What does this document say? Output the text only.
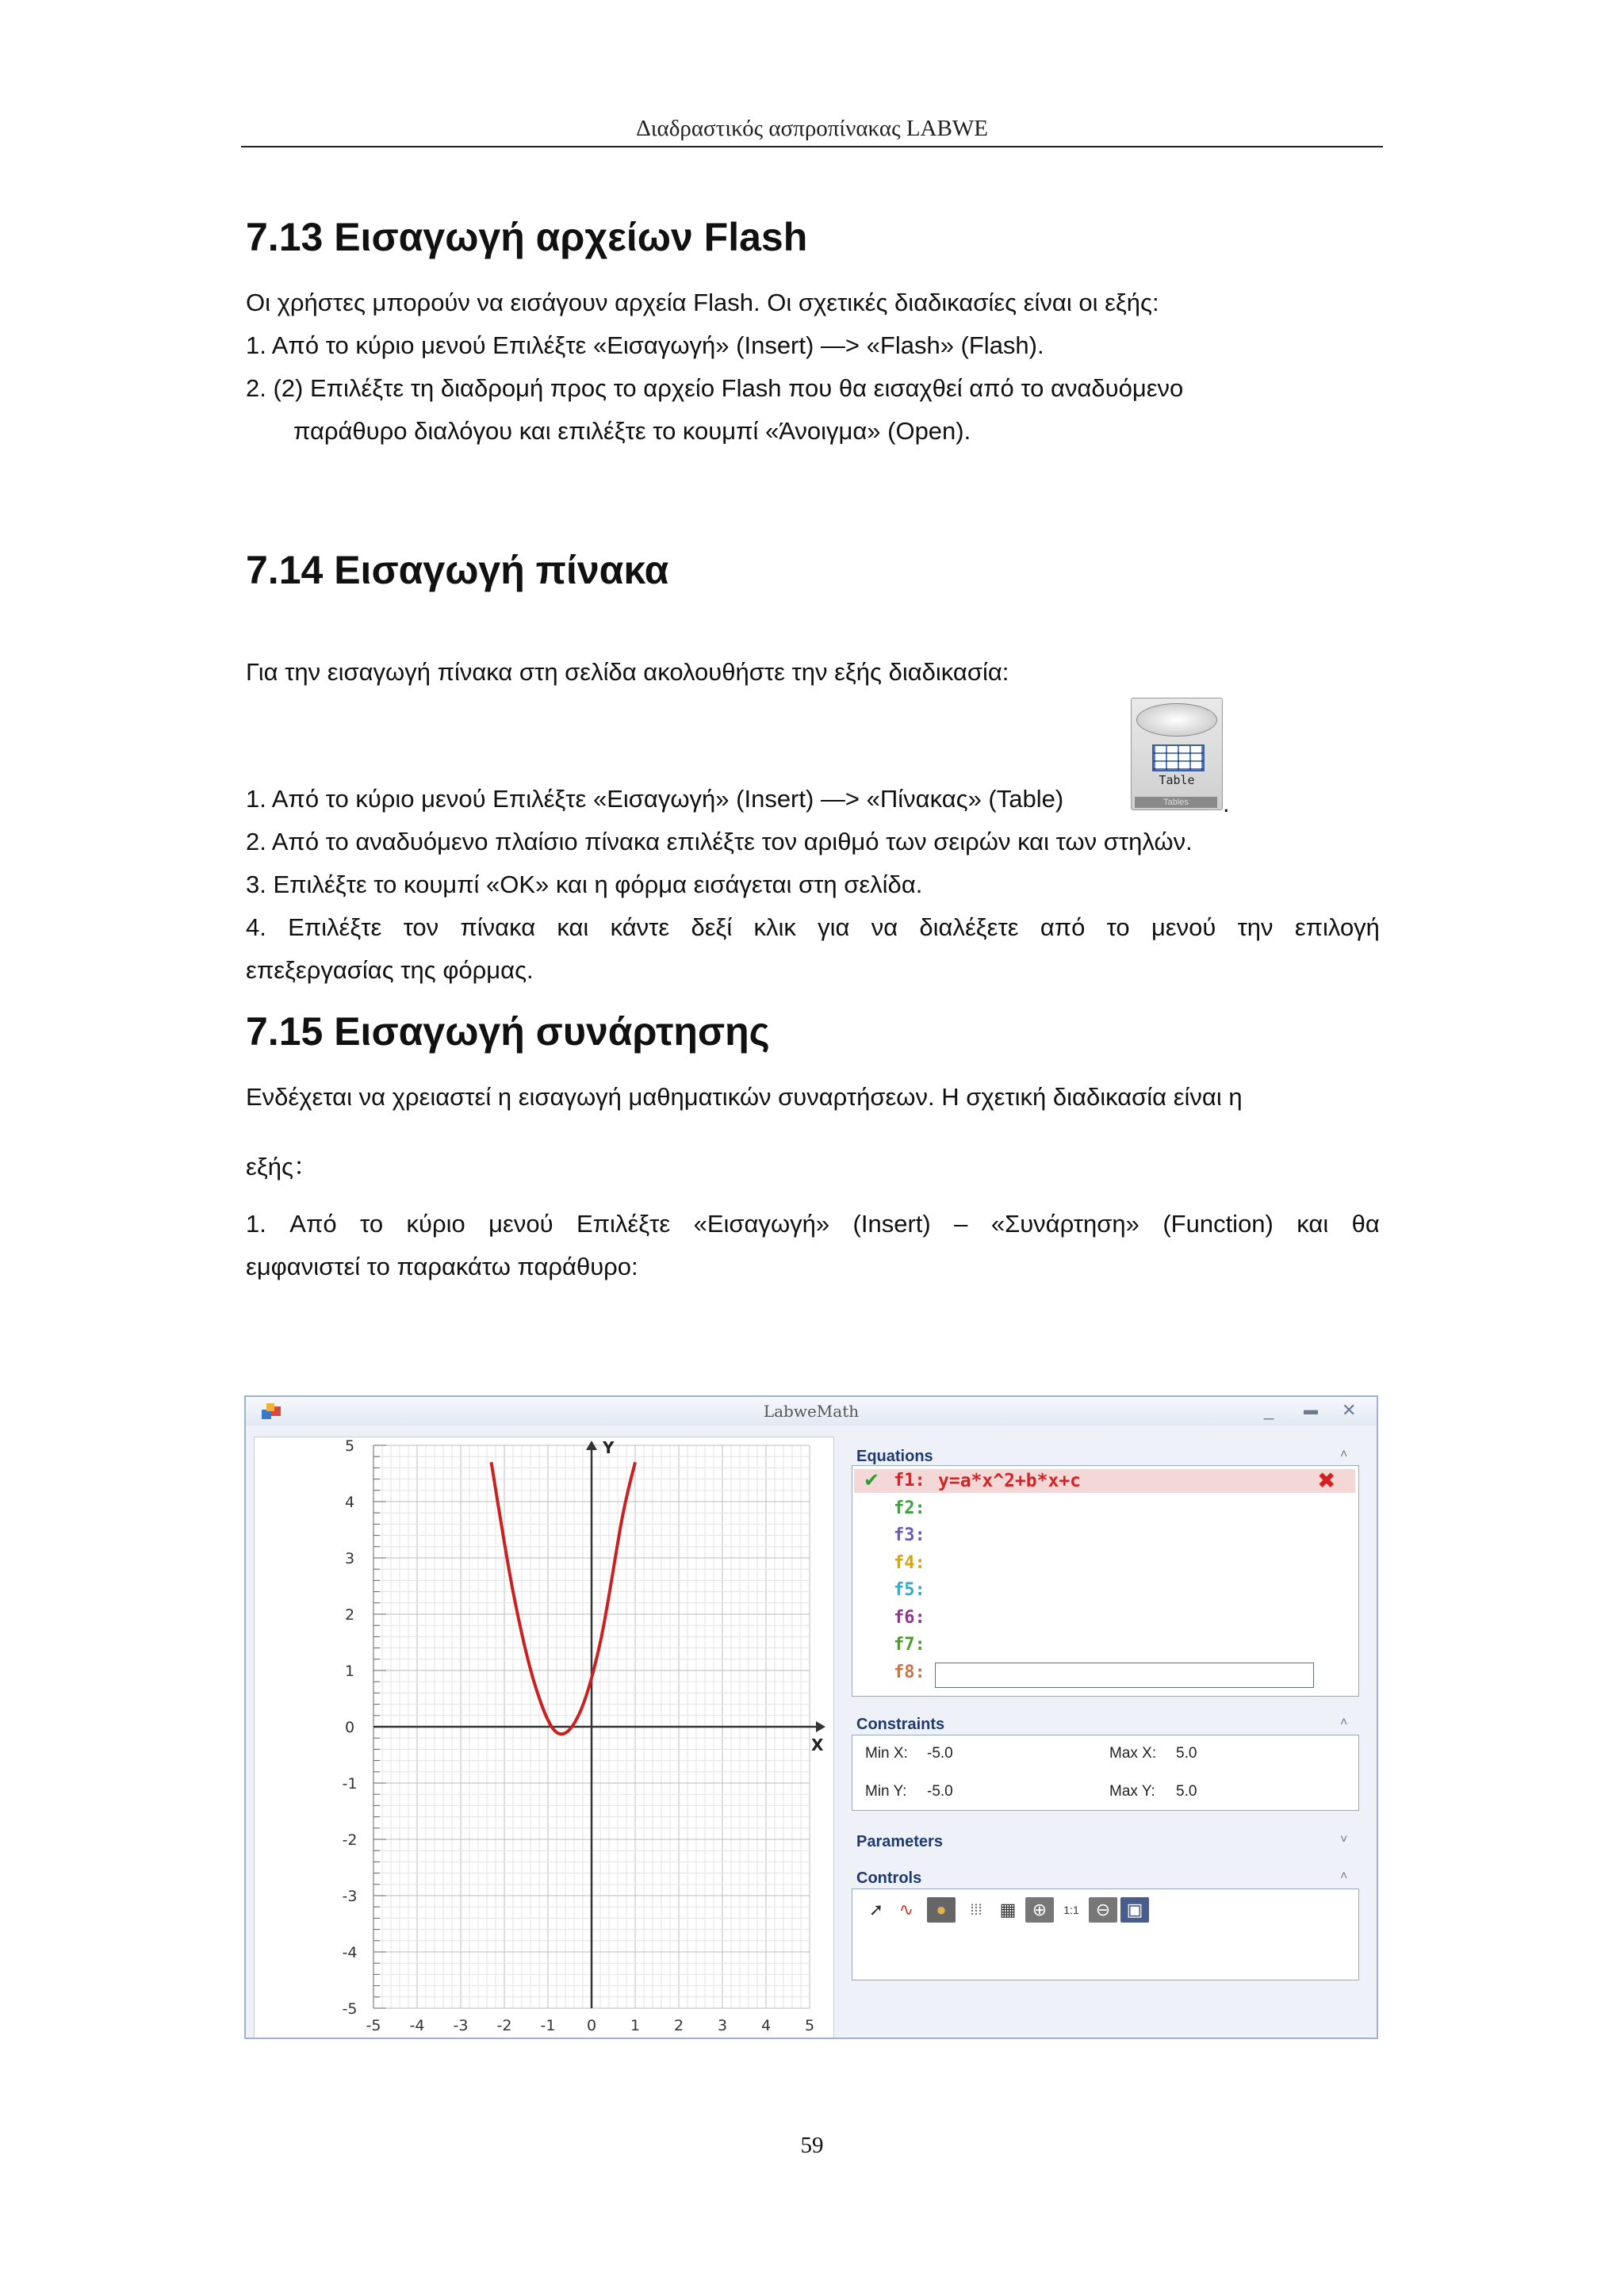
Διαδραστικός ασπροπίνακας LABWE
7.13 Εισαγωγή αρχείων Flash
Οι χρήστες μπορούν να εισάγουν αρχεία Flash. Οι σχετικές διαδικασίες είναι οι εξής:
1. Από το κύριο μενού Επιλέξτε «Εισαγωγή» (Insert) —> «Flash» (Flash).
2. (2) Επιλέξτε τη διαδρομή προς το αρχείο Flash που θα εισαχθεί από το αναδυόμενο
παράθυρο διαλόγου και επιλέξτε το κουμπί «Άνοιγμα» (Open).
7.14 Εισαγωγή πίνακα
Για την εισαγωγή πίνακα στη σελίδα ακολουθήστε την εξής διαδικασία:
Table
Tables
1. Από το κύριο μενού Επιλέξτε «Εισαγωγή» (Insert) —> «Πίνακας» (Table)	.
2. Από το αναδυόμενο πλαίσιο πίνακα επιλέξτε τον αριθμό των σειρών και των στηλών.
3. Επιλέξτε το κουμπί «ΟΚ» και η φόρμα εισάγεται στη σελίδα.
4. Επιλέξτε τον πίνακα και κάντε δεξί κλικ για να διαλέξετε από το μενού την επιλογή
επεξεργασίας της φόρμας.
7.15 Εισαγωγή συνάρτησης
Ενδέχεται να χρειαστεί η εισαγωγή μαθηματικών συναρτήσεων. Η σχετική διαδικασία είναι η
εξής：
1. Από το κύριο μενού Επιλέξτε «Εισαγωγή» (Insert) – «Συνάρτηση» (Function) και θα
εμφανιστεί το παρακάτω παράθυρο:
LabweMath	_ ▬ ✕
Y
X
5
4
3
2
1
0
-1
-2
-3
-4
-5
-5 -4 -3 -2 -1 0 1 2 3 4 5
Equations	˄
✔ f1: y=a*x^2+b*x+c
f2:
f3:
f4:
f5:
f6:
f7:
f8:
✖
Constraints	˄
Min X: -5.0	Max X: 5.0
Min Y: -5.0	Max Y: 5.0
Parameters	˅
Controls	˄
➚ ∿	●	⁞⁞⁞	▦ ⊕	1:1 ⊖ ▣
59
